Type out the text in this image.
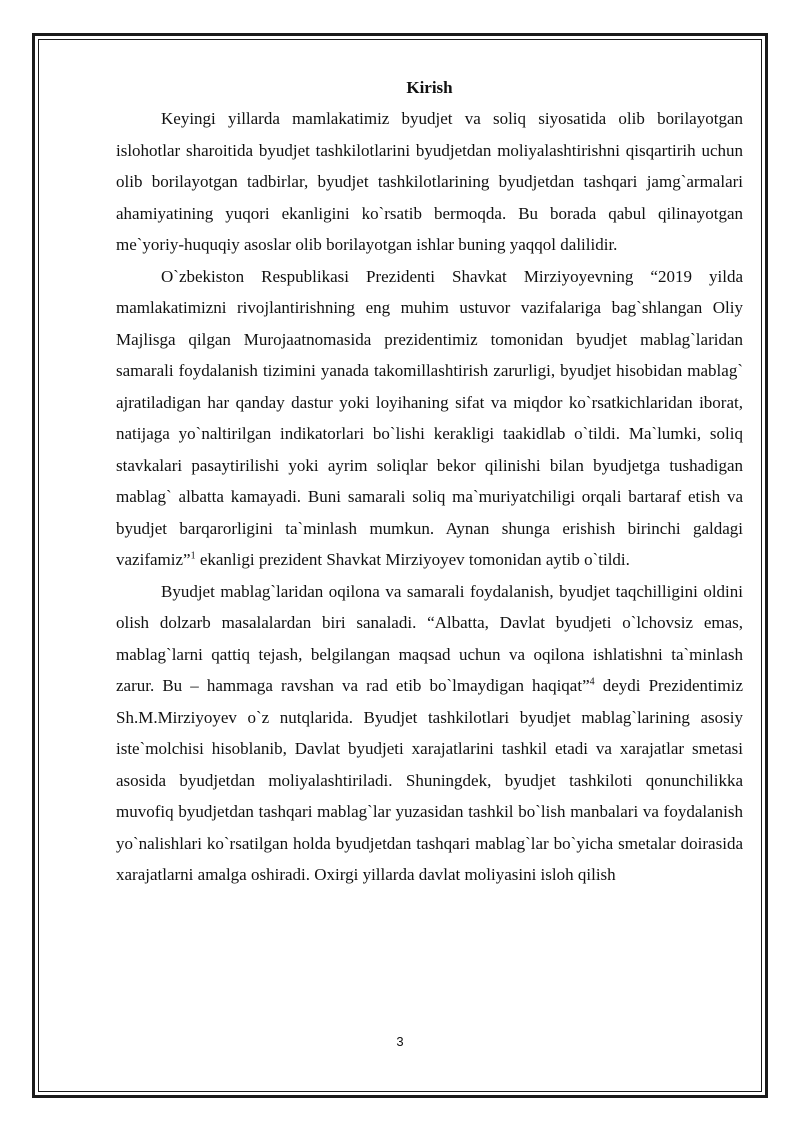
Kirish

Keyingi yillarda mamlakatimiz byudjet va soliq siyosatida olib borilayotgan islohotlar sharoitida byudjet tashkilotlarini byudjetdan moliyalashtirishni qisqartirih uchun olib borilayotgan tadbirlar, byudjet tashkilotlarining byudjetdan tashqari jamg`armalari ahamiyatining yuqori ekanligini ko`rsatib bermoqda. Bu borada qabul qilinayotgan me`yoriy-huquqiy asoslar olib borilayotgan ishlar buning yaqqol dalilidir.

O`zbekiston Respublikasi Prezidenti Shavkat Mirziyoyevning “2019 yilda mamlakatimizni rivojlantirishning eng muhim ustuvor vazifalariga bag`shlangan Oliy Majlisga qilgan Murojaatnomasida prezidentimiz tomonidan byudjet mablag`laridan samarali foydalanish tizimini yanada takomillashtirish zarurligi, byudjet hisobidan mablag` ajratiladigan har qanday dastur yoki loyihaning sifat va miqdor ko`rsatkichlaridan iborat, natijaga yo`naltirilgan indikatorlari bo`lishi kerakligi taakidlab o`tildi. Ma`lumki, soliq stavkalari pasaytirilishi yoki ayrim soliqlar bekor qilinishi bilan byudjetga tushadigan mablag` albatta kamayadi. Buni samarali soliq ma`muriyatchiligi orqali bartaraf etish va byudjet barqarorligini ta`minlash mumkun. Aynan shunga erishish birinchi galdagi vazifamiz”$^1$ ekanligi prezident Shavkat Mirziyoyev tomonidan aytib o`tildi.

Byudjet mablag`laridan oqilona va samarali foydalanish, byudjet taqchilligini oldini olish dolzarb masalalardan biri sanaladi. “Albatta, Davlat byudjeti o`lchovsiz emas, mablag`larni qattiq tejash, belgilangan maqsad uchun va oqilona ishlatishni ta`minlash zarur. Bu – hammaga ravshan va rad etib bo`lmaydigan haqiqat”$^4$ deydi Prezidentimiz Sh.M.Mirziyoyev o`z nutqlarida. Byudjet tashkilotlari byudjet mablag`larining asosiy iste`molchisi hisoblanib, Davlat byudjeti xarajatlarini tashkil etadi va xarajatlar smetasi asosida byudjetdan moliyalashtiriladi. Shuningdek, byudjet tashkiloti qonunchilikka muvofiq byudjetdan tashqari mablag`lar yuzasidan tashkil bo`lish manbalari va foydalanish yo`nalishlari ko`rsatilgan holda byudjetdan tashqari mablag`lar bo`yicha smetalar doirasida xarajatlarni amalga oshiradi. Oxirgi yillarda davlat moliyasini isloh qilish

3
